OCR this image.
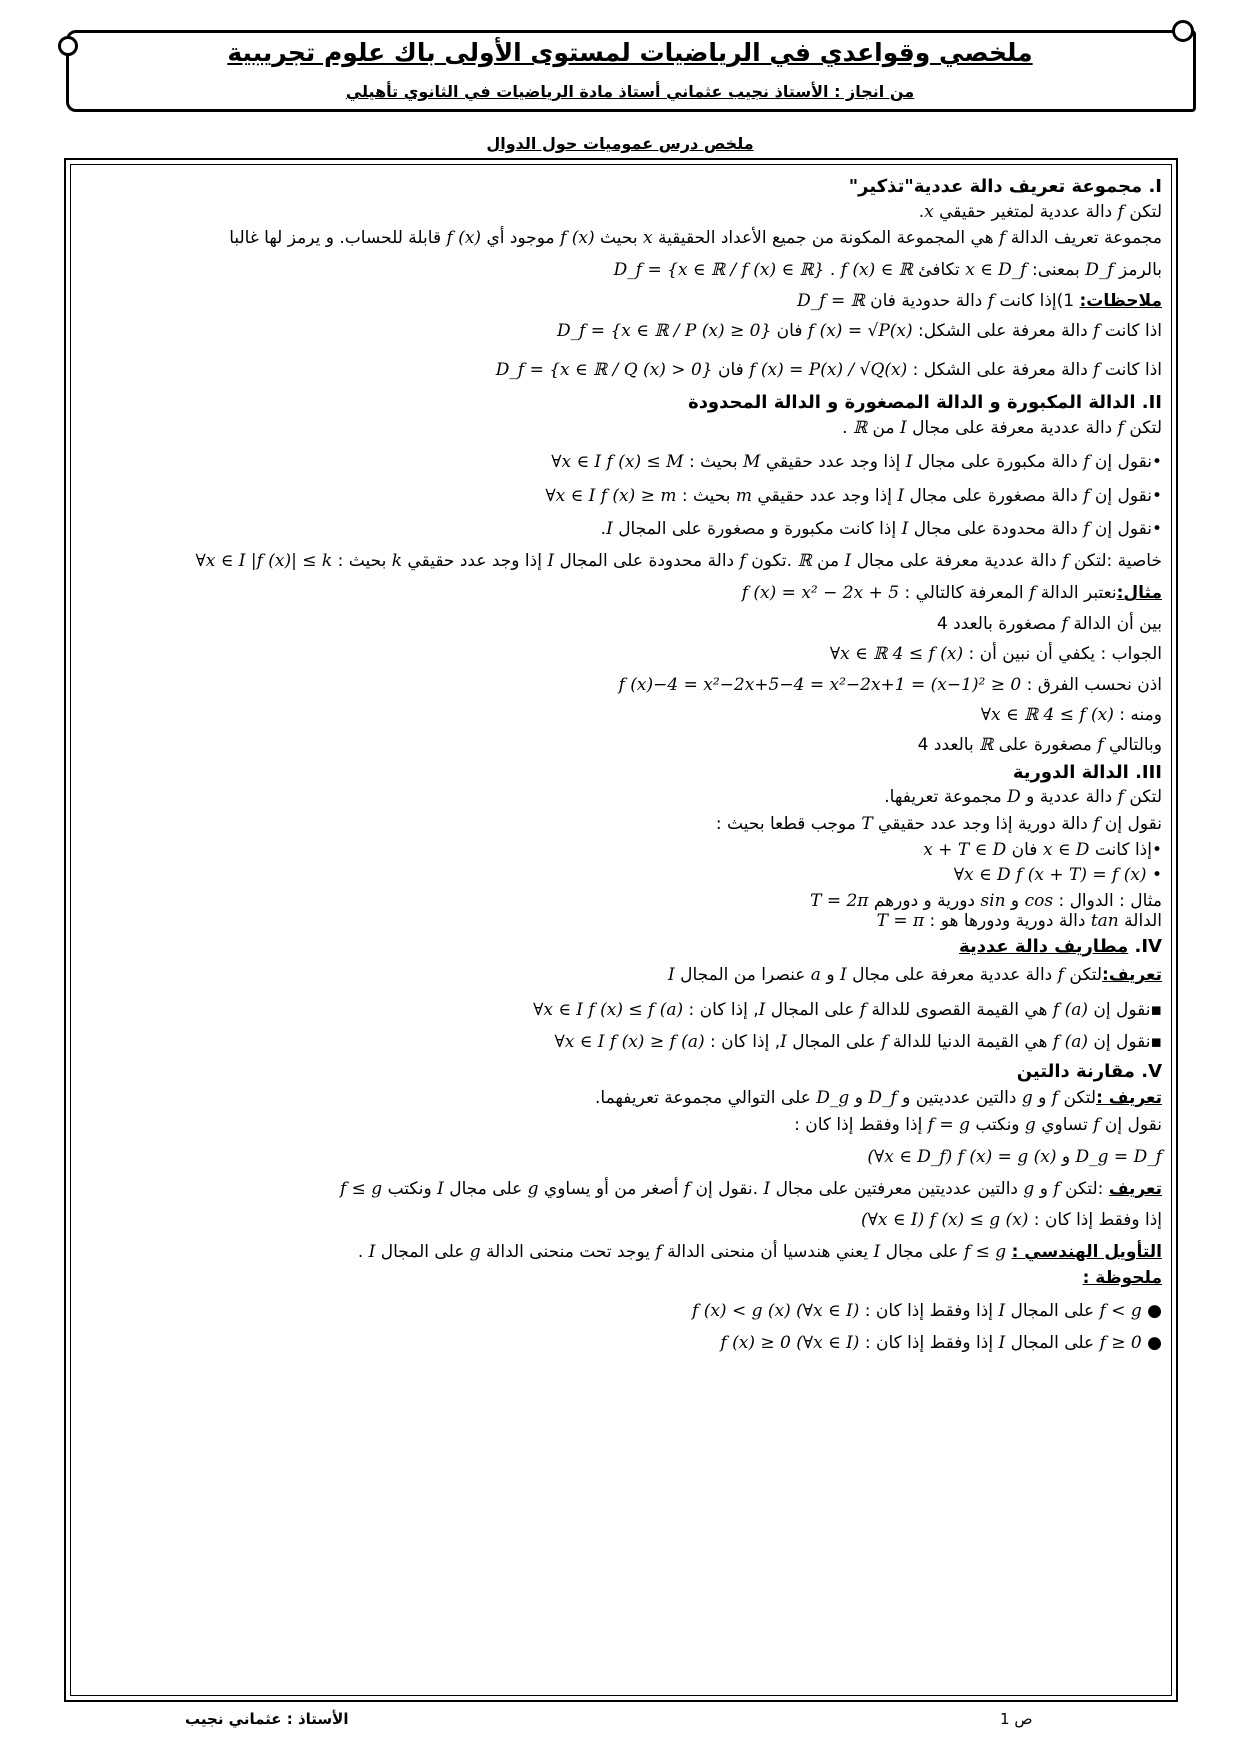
ملخصي وقواعدي في الرياضيات لمستوى الأولى باك علوم تجريبية
من انجاز : الأستاذ نجيب عثماني أستاذ مادة الرياضيات في الثانوي تأهيلي
ملخص درس عموميات حول الدوال

I. مجموعة تعريف دالة عددية"تذكير"

لتكن f دالة عددية لمتغير حقيقي x.

مجموعة تعريف الدالة f هي المجموعة المكونة من جميع الأعداد الحقيقية x بحيث f (x) موجود أي f (x) قابلة للحساب. و يرمز لها غالبا

بالرمز D_f بمعنى: x ∈ D_f تكافئ f (x) ∈ ℝ . D_f = {x ∈ ℝ / f (x) ∈ ℝ}

ملاحظات: 1)إذا كانت f دالة حدودية فان D_f = ℝ

اذا كانت f دالة معرفة على الشكل: f (x) = √P(x) فان D_f = {x ∈ ℝ / P (x) ≥ 0}

اذا كانت f دالة معرفة على الشكل : f (x) = P(x) / √Q(x) فان D_f = {x ∈ ℝ / Q (x) > 0}

II. الدالة المكبورة و الدالة المصغورة و الدالة المحدودة

لتكن f دالة عددية معرفة على مجال I من ℝ .

•نقول إن f دالة مكبورة على مجال I إذا وجد عدد حقيقي M بحيث : ∀x ∈ I f (x) ≤ M

•نقول إن f دالة مصغورة على مجال I إذا وجد عدد حقيقي m بحيث : ∀x ∈ I f (x) ≥ m

•نقول إن f دالة محدودة على مجال I إذا كانت مكبورة و مصغورة على المجال I.

خاصية :لتكن f دالة عددية معرفة على مجال I من ℝ .تكون f دالة محدودة على المجال I إذا وجد عدد حقيقي k بحيث : ∀x ∈ I |f (x)| ≤ k

مثال:نعتبر الدالة f المعرفة كالتالي : f (x) = x² − 2x + 5

بين أن الدالة f مصغورة بالعدد 4

الجواب : يكفي أن نبين أن : ∀x ∈ ℝ 4 ≤ f (x)

اذن نحسب الفرق : f (x)−4 = x²−2x+5−4 = x²−2x+1 = (x−1)² ≥ 0

ومنه : ∀x ∈ ℝ 4 ≤ f (x)

وبالتالي f مصغورة على ℝ بالعدد 4

III. الدالة الدورية

لتكن f دالة عددية و D مجموعة تعريفها.

نقول إن f دالة دورية إذا وجد عدد حقيقي T موجب قطعا بحيث :

•إذا كانت x ∈ D فان x + T ∈ D

• ∀x ∈ D f (x + T) = f (x)

مثال : الدوال : cos و sin دورية و دورهم T = 2π

الدالة tan دالة دورية ودورها هو : T = π

IV. مطاريف دالة عددية

تعريف:لتكن f دالة عددية معرفة على مجال I و a عنصرا من المجال I

▪نقول إن f (a) هي القيمة القصوى للدالة f على المجال I, إذا كان : ∀x ∈ I f (x) ≤ f (a)

▪نقول إن f (a) هي القيمة الدنيا للدالة f على المجال I, إذا كان : ∀x ∈ I f (x) ≥ f (a)

V. مقارنة دالتين

تعريف :لتكن f و g دالتين عدديتين و D_f و D_g على التوالي مجموعة تعريفهما.

نقول إن f تساوي g ونكتب f = g إذا وفقط إذا كان :

D_g = D_f و (∀x ∈ D_f) f (x) = g (x)

تعريف :لتكن f و g دالتين عدديتين معرفتين على مجال I .نقول إن f أصغر من أو يساوي g على مجال I ونكتب f ≤ g

إذا وفقط إذا كان : (∀x ∈ I) f (x) ≤ g (x)

التأويل الهندسي : f ≤ g على مجال I يعني هندسيا أن منحنى الدالة f يوجد تحت منحنى الدالة g على المجال I .

ملحوظة :

● f < g على المجال I إذا وفقط إذا كان : f (x) < g (x) (∀x ∈ I)

● f ≥ 0 على المجال I إذا وفقط إذا كان : f (x) ≥ 0 (∀x ∈ I)

ص 1
الأستاذ : عثماني نجيب
